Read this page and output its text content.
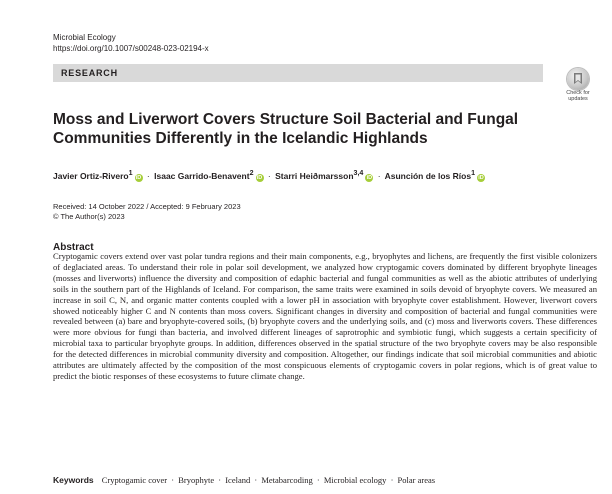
Microbial Ecology
https://doi.org/10.1007/s00248-023-02194-x
RESEARCH
Check for
updates
Moss and Liverwort Covers Structure Soil Bacterial and Fungal Communities Differently in the Icelandic Highlands
Javier Ortiz-Rivero$^1$iD · Isaac Garrido-Benavent$^2$iD · Starri Heiðmarsson$^{3,4}$iD · Asunción de los Ríos$^1$iD
Received: 14 October 2022 / Accepted: 9 February 2023
© The Author(s) 2023
Abstract
Cryptogamic covers extend over vast polar tundra regions and their main components, e.g., bryophytes and lichens, are frequently the first visible colonizers of deglaciated areas. To understand their role in polar soil development, we analyzed how cryptogamic covers dominated by different bryophyte lineages (mosses and liverworts) influence the diversity and composition of edaphic bacterial and fungal communities as well as the abiotic attributes of underlying soils in the southern part of the Highlands of Iceland. For comparison, the same traits were examined in soils devoid of bryophyte covers. We measured an increase in soil C, N, and organic matter contents coupled with a lower pH in association with bryophyte cover establishment. However, liverwort covers showed noticeably higher C and N contents than moss covers. Significant changes in diversity and composition of bacterial and fungal communities were revealed between (a) bare and bryophyte-covered soils, (b) bryophyte covers and the underlying soils, and (c) moss and liverworts covers. These differences were more obvious for fungi than bacteria, and involved different lineages of saprotrophic and symbiotic fungi, which suggests a certain specificity of microbial taxa to particular bryophyte groups. In addition, differences observed in the spatial structure of the two bryophyte covers may be also responsible for the detected differences in microbial community diversity and composition. Altogether, our findings indicate that soil microbial communities and abiotic attributes are ultimately affected by the composition of the most conspicuous elements of cryptogamic covers in polar regions, which is of great value to predict the biotic responses of these ecosystems to future climate change.
Keywords Cryptogamic cover · Bryophyte · Iceland · Metabarcoding · Microbial ecology · Polar areas
